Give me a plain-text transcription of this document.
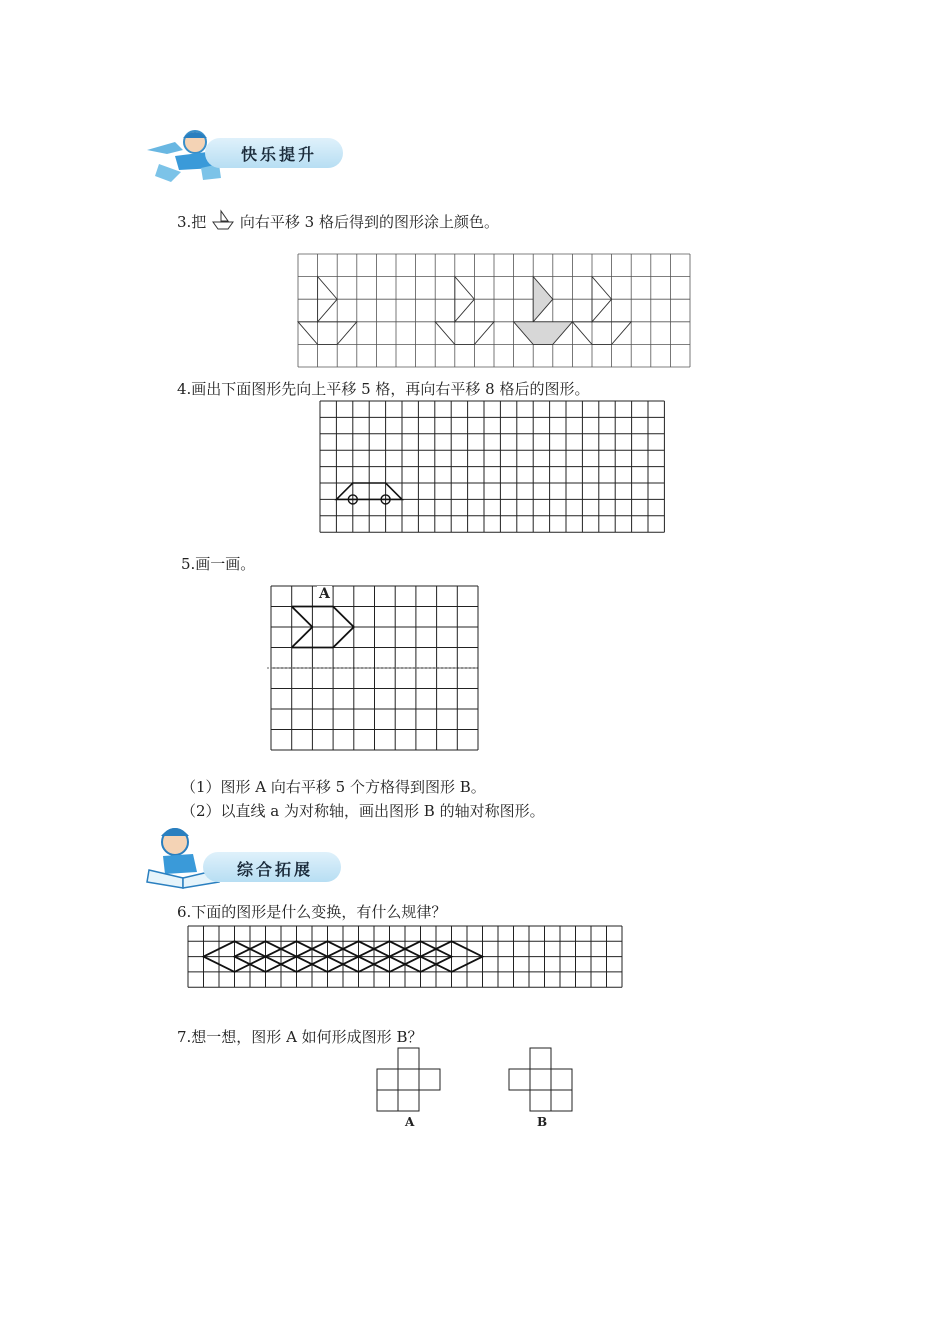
快乐提升
3.把 向右平移 3 格后得到的图形涂上颜色。
4.画出下面图形先向上平移 5 格，再向右平移 8 格后的图形。
5.画一画。
A
（1）图形 A 向右平移 5 个方格得到图形 B。
（2）以直线 a 为对称轴，画出图形 B 的轴对称图形。
综合拓展
6.下面的图形是什么变换，有什么规律？
7.想一想，图形 A 如何形成图形 B？
A	B
